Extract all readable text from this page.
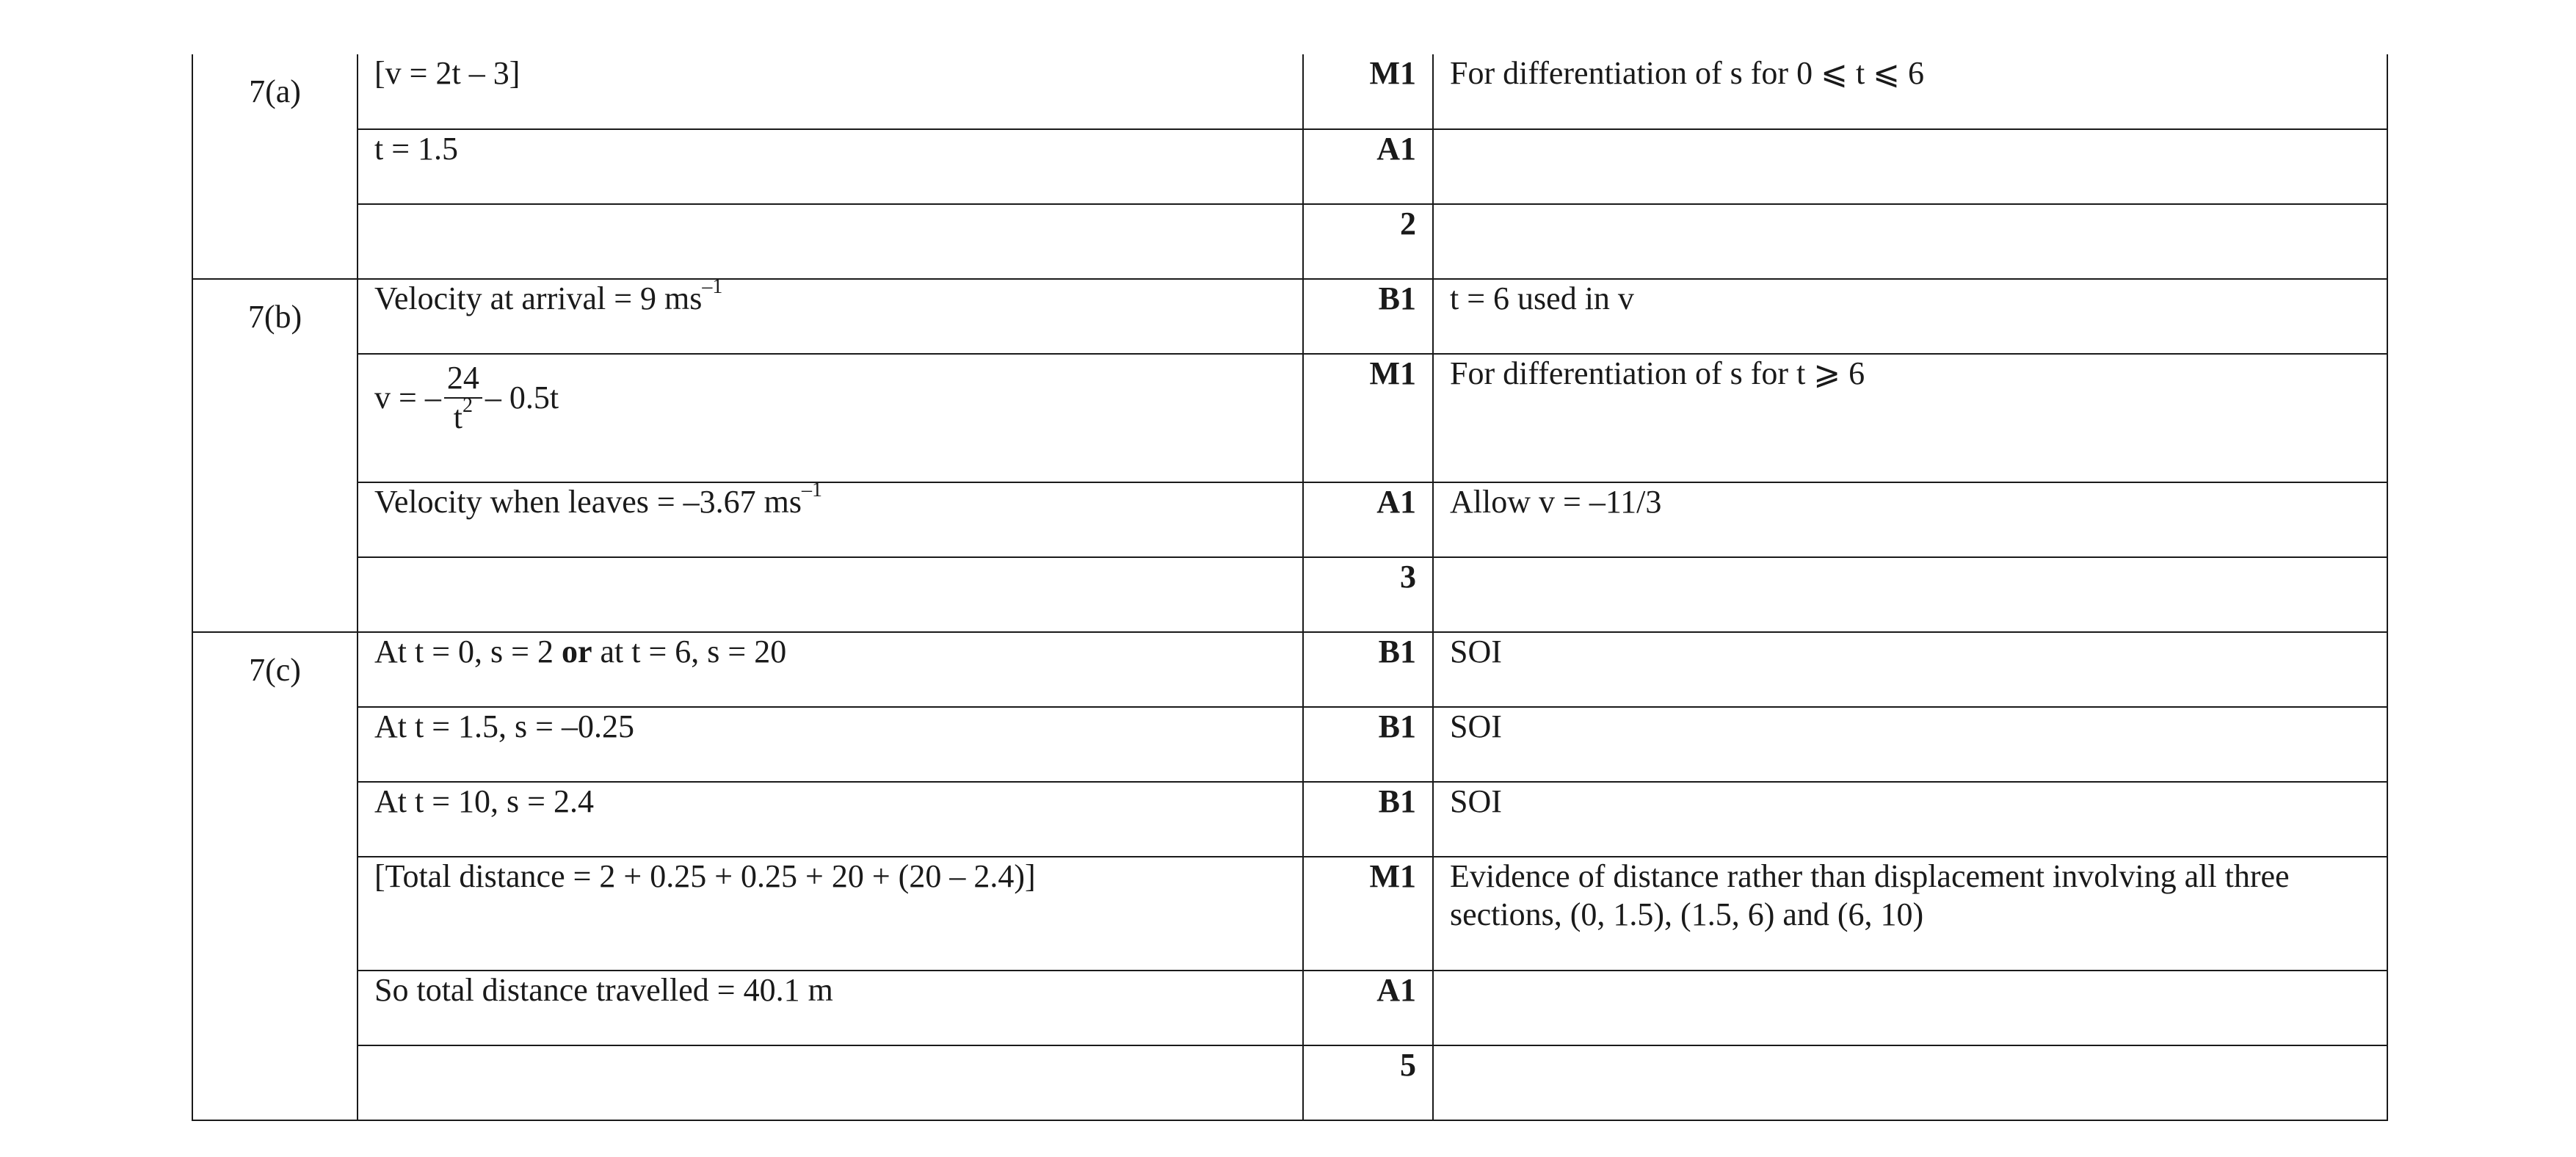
7(a)	[v = 2t – 3]	M1	For differentiation of s for 0 ⩽ t ⩽ 6
	t = 1.5	A1	
		2	
7(b)	Velocity at arrival = 9 $ms^{-1}$	B1	t = 6 used in v

	v = – $\frac{24}{t^2} - 0.5t$	M1	For differentiation of s for t ⩾ 6
	Velocity when leaves = –3.67 $ms^{-1}$	A1	Allow v = –11/3
		3	
7(c)	At t = 0, s = 2 or at t = 6, s = 20	B1	SOI
	At t = 1.5, s = –0.25	B1	SOI
	At t = 10, s = 2.4	B1	SOI
	[Total distance = 2 + 0.25 + 0.25 + 20 + (20 – 2.4)]	M1	Evidence of distance rather than displacement involving all three sections, (0, 1.5), (1.5, 6) and (6, 10)
	So total distance travelled = 40.1 m	A1	
		5	
